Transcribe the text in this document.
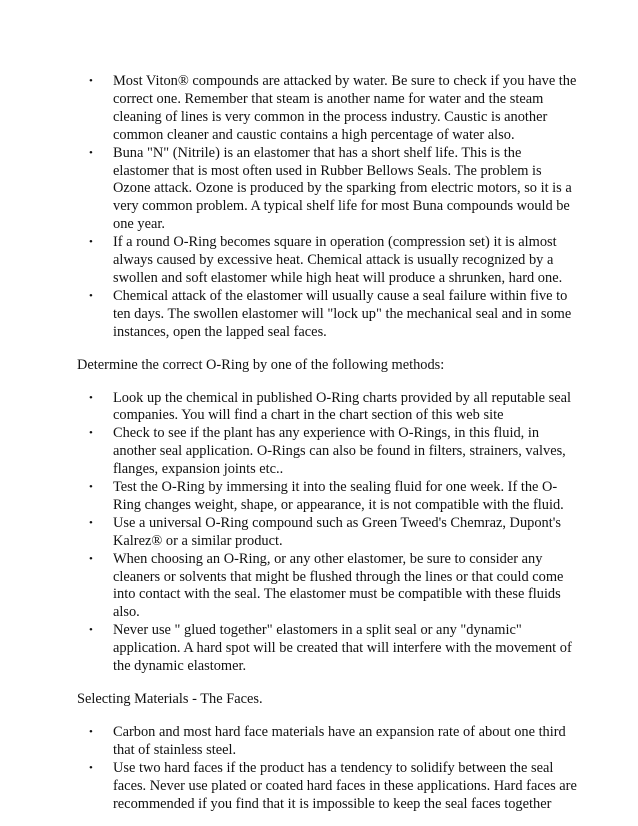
• Most Viton® compounds are attacked by water. Be sure to check if you have the correct one. Remember that steam is another name for water and the steam cleaning of lines is very common in the process industry. Caustic is another common cleaner and caustic contains a high percentage of water also.
• Buna "N" (Nitrile) is an elastomer that has a short shelf life. This is the elastomer that is most often used in Rubber Bellows Seals. The problem is Ozone attack. Ozone is produced by the sparking from electric motors, so it is a very common problem. A typical shelf life for most Buna compounds would be one year.
• If a round O-Ring becomes square in operation (compression set) it is almost always caused by excessive heat. Chemical attack is usually recognized by a swollen and soft elastomer while high heat will produce a shrunken, hard one.
• Chemical attack of the elastomer will usually cause a seal failure within five to ten days. The swollen elastomer will "lock up" the mechanical seal and in some instances, open the lapped seal faces.

Determine the correct O-Ring by one of the following methods:

• Look up the chemical in published O-Ring charts provided by all reputable seal companies. You will find a chart in the chart section of this web site
• Check to see if the plant has any experience with O-Rings, in this fluid, in another seal application. O-Rings can also be found in filters, strainers, valves, flanges, expansion joints etc..
• Test the O-Ring by immersing it into the sealing fluid for one week. If the O-Ring changes weight, shape, or appearance, it is not compatible with the fluid.
• Use a universal O-Ring compound such as Green Tweed's Chemraz, Dupont's Kalrez® or a similar product.
• When choosing an O-Ring, or any other elastomer, be sure to consider any cleaners or solvents that might be flushed through the lines or that could come into contact with the seal. The elastomer must be compatible with these fluids also.
• Never use " glued together" elastomers in a split seal or any "dynamic" application. A hard spot will be created that will interfere with the movement of the dynamic elastomer.

Selecting Materials - The Faces.

• Carbon and most hard face materials have an expansion rate of about one third that of stainless steel.
• Use two hard faces if the product has a tendency to solidify between the seal faces. Never use plated or coated hard faces in these applications. Hard faces are recommended if you find that it is impossible to keep the seal faces together
